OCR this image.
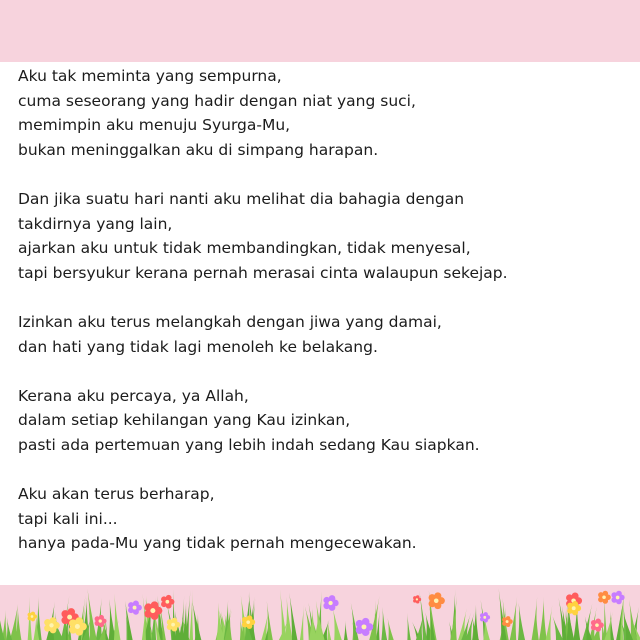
Aku tak meminta yang sempurna,
cuma seseorang yang hadir dengan niat yang suci,
memimpin aku menuju Syurga-Mu,
bukan meninggalkan aku di simpang harapan.
Dan jika suatu hari nanti aku melihat dia bahagia dengan
takdirnya yang lain,
ajarkan aku untuk tidak membandingkan, tidak menyesal,
tapi bersyukur kerana pernah merasai cinta walaupun sekejap.
Izinkan aku terus melangkah dengan jiwa yang damai,
dan hati yang tidak lagi menoleh ke belakang.
Kerana aku percaya, ya Allah,
dalam setiap kehilangan yang Kau izinkan,
pasti ada pertemuan yang lebih indah sedang Kau siapkan.
Aku akan terus berharap,
tapi kali ini...
hanya pada-Mu yang tidak pernah mengecewakan.
